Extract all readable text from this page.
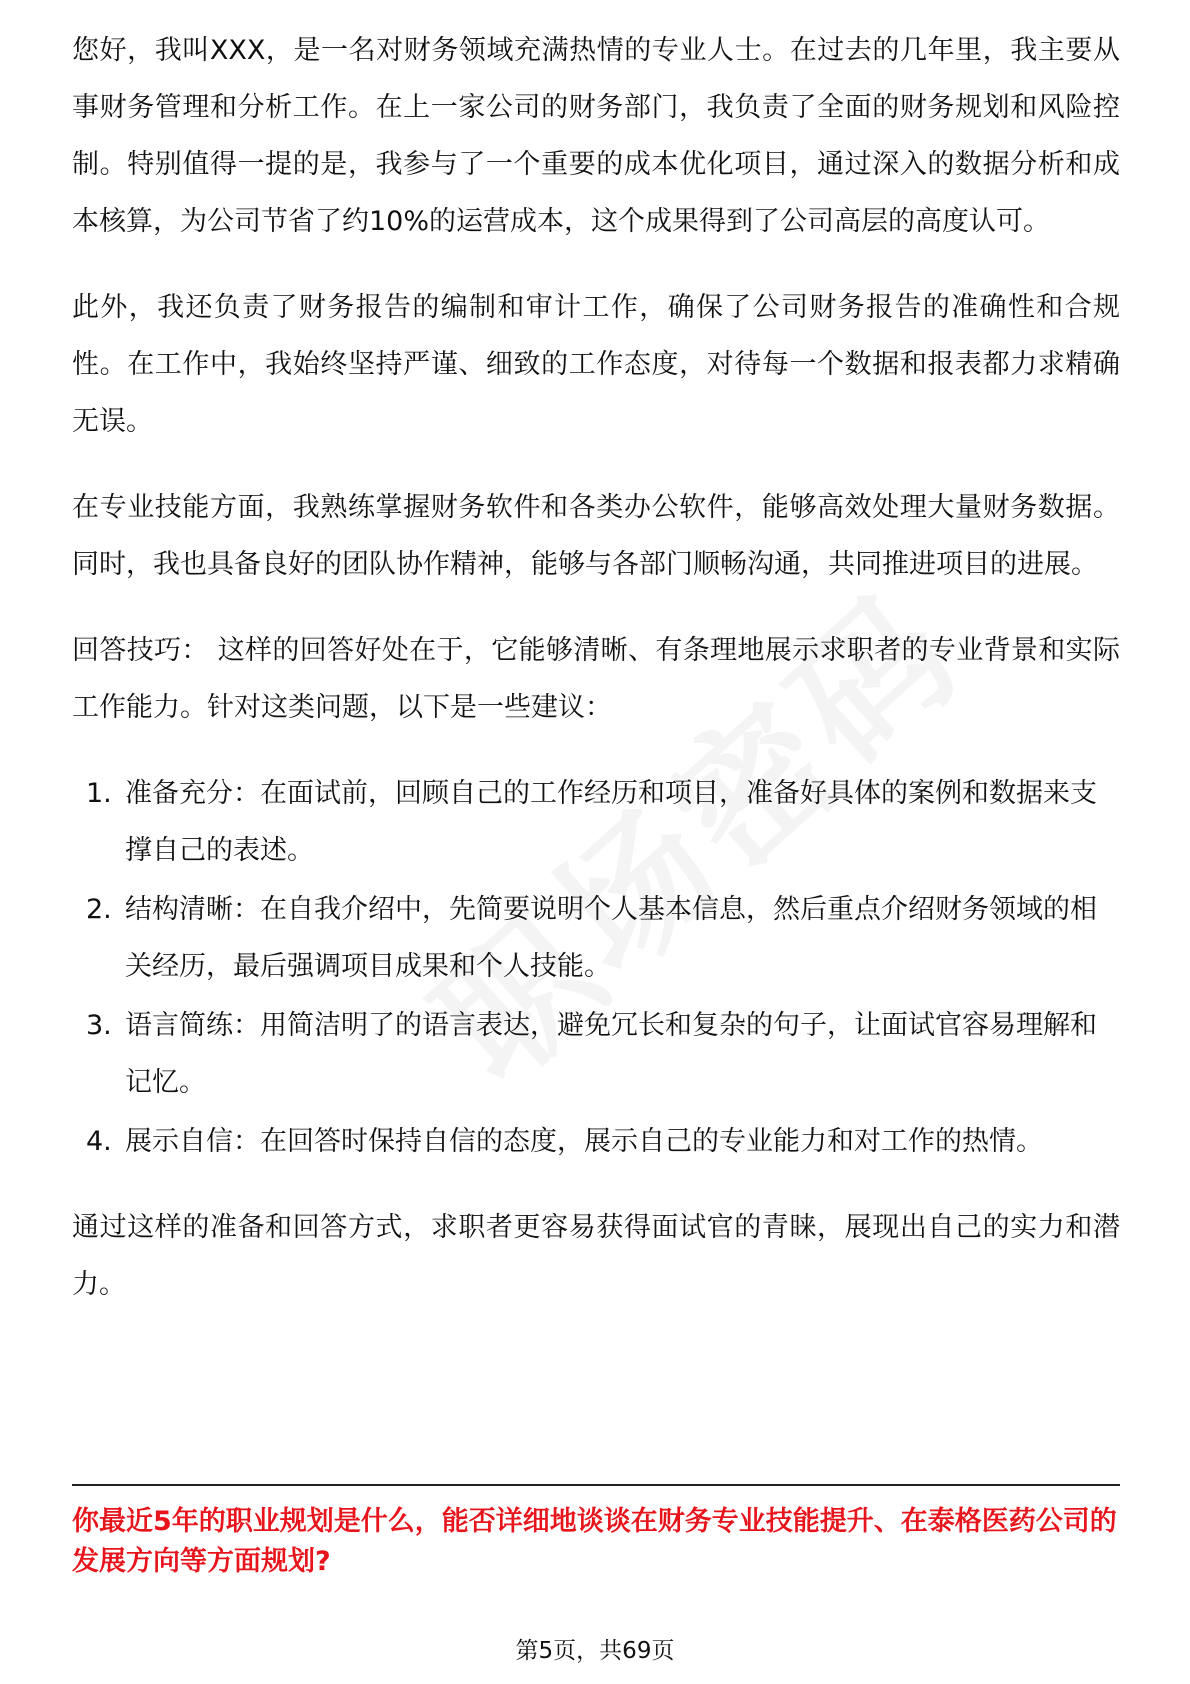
您好，我叫XXX，是一名对财务领域充满热情的专业人士。在过去的几年里，我主要从事财务管理和分析工作。在上一家公司的财务部门，我负责了全面的财务规划和风险控制。特别值得一提的是，我参与了一个重要的成本优化项目，通过深入的数据分析和成本核算，为公司节省了约10%的运营成本，这个成果得到了公司高层的高度认可。

此外，我还负责了财务报告的编制和审计工作，确保了公司财务报告的准确性和合规性。在工作中，我始终坚持严谨、细致的工作态度，对待每一个数据和报表都力求精确无误。

在专业技能方面，我熟练掌握财务软件和各类办公软件，能够高效处理大量财务数据。同时，我也具备良好的团队协作精神，能够与各部门顺畅沟通，共同推进项目的进展。

回答技巧： 这样的回答好处在于，它能够清晰、有条理地展示求职者的专业背景和实际工作能力。针对这类问题，以下是一些建议：

1. 准备充分：在面试前，回顾自己的工作经历和项目，准备好具体的案例和数据来支撑自己的表述。
2. 结构清晰：在自我介绍中，先简要说明个人基本信息，然后重点介绍财务领域的相关经历，最后强调项目成果和个人技能。
3. 语言简练：用简洁明了的语言表达，避免冗长和复杂的句子，让面试官容易理解和记忆。
4. 展示自信：在回答时保持自信的态度，展示自己的专业能力和对工作的热情。

通过这样的准备和回答方式，求职者更容易获得面试官的青睐，展现出自己的实力和潜力。

你最近5年的职业规划是什么，能否详细地谈谈在财务专业技能提升、在泰格医药公司的发展方向等方面规划?
第5页，共69页
